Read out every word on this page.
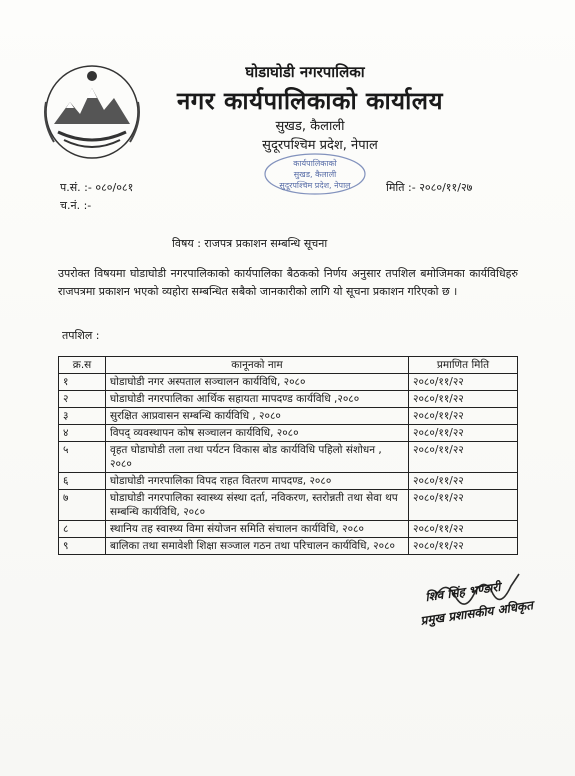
घोडाघोडी नगरपालिका
नगर कार्यपालिकाको कार्यालय
सुखड, कैलाली
सुदूरपश्चिम प्रदेश, नेपाल
कार्यपालिकाको
सुखड, कैलाली
सुदूरपश्चिम प्रदेश, नेपाल
प.सं. :- ०८०/०८१
च.नं. :-
मिति :- २०८०/११/२७
विषय : राजपत्र प्रकाशन सम्बन्धि सूचना
उपरोक्त विषयमा घोडाघोडी नगरपालिकाको कार्यपालिका बैठकको निर्णय अनुसार तपशिल बमोजिमका कार्यविधिहरु राजपत्रमा प्रकाशन भएको व्यहोरा सम्बन्धित सबैको जानकारीको लागि यो सूचना प्रकाशन गरिएको छ ।
तपशिल :
क्र.स	कानूनको नाम	प्रमाणित मिति
१	घोडाघोडी नगर अस्पताल सञ्चालन कार्यविधि, २०८०	२०८०/११/२२
२	घोडाघोडी नगरपालिका आर्थिक सहायता मापदण्ड कार्यविधि ,२०८०	२०८०/११/२२
३	सुरक्षित आप्रवासन सम्बन्धि कार्यविधि , २०८०	२०८०/११/२२
४	विपद् व्यवस्थापन कोष सञ्चालन कार्यविधि, २०८०	२०८०/११/२२
५	वृहत घोडाघोडी तला तथा पर्यटन विकास बोड कार्यविधि पहिलो संशोधन , २०८०	२०८०/११/२२
६	घोडाघोडी नगरपालिका विपद राहत वितरण मापदण्ड, २०८०	२०८०/११/२२
७	घोडाघोडी नगरपालिका स्वास्थ्य संस्था दर्ता, नविकरण, स्तरोन्नती तथा सेवा थप सम्बन्धि कार्यविधि, २०८०	२०८०/११/२२
८	स्थानिय तह स्वास्थ्य विमा संयोजन समिति संचालन कार्यविधि, २०८०	२०८०/११/२२
९	बालिका तथा समावेशी शिक्षा सञ्जाल गठन तथा परिचालन कार्यविधि, २०८०	२०८०/११/२२
शिव सिंह भण्डारी
प्रमुख प्रशासकीय अधिकृत
